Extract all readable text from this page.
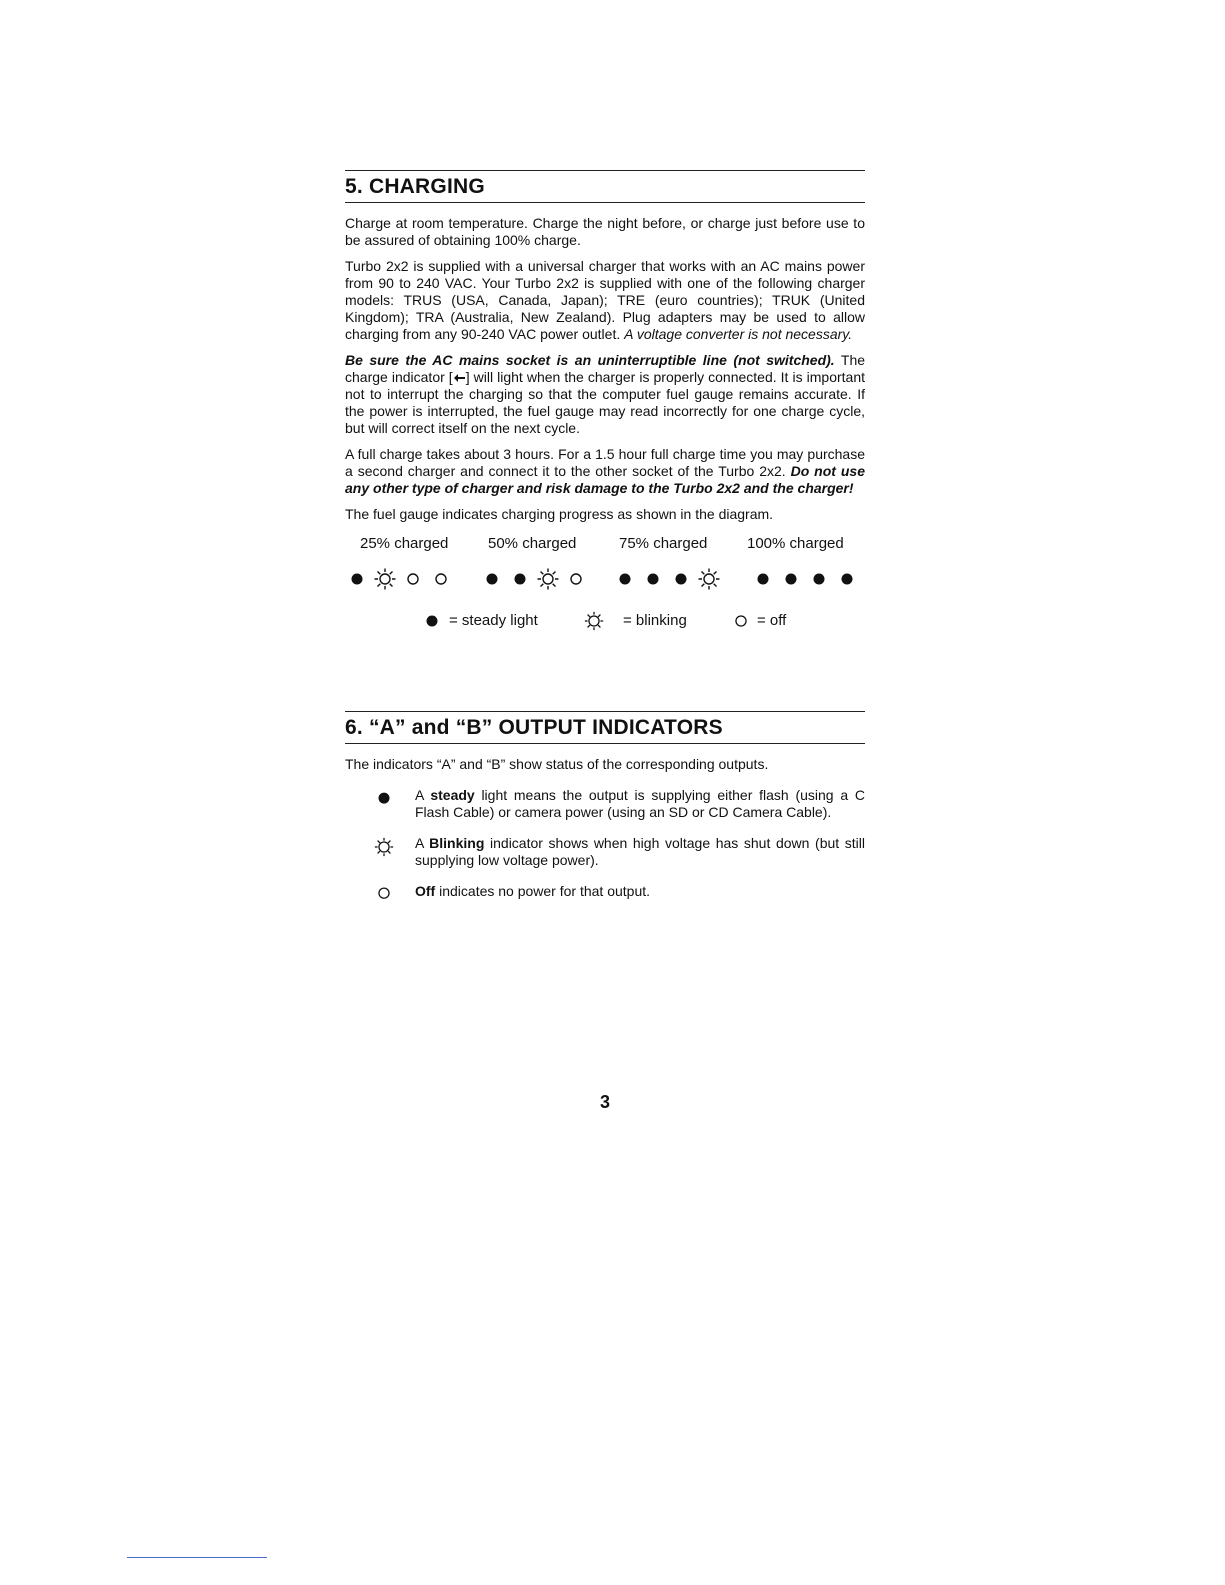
5. CHARGING

Charge at room temperature. Charge the night before, or charge just before use to be assured of obtaining 100% charge.

Turbo 2x2 is supplied with a universal charger that works with an AC mains power from 90 to 240 VAC. Your Turbo 2x2 is supplied with one of the following charger models: TRUS (USA, Canada, Japan); TRE (euro countries); TRUK (United Kingdom); TRA (Australia, New Zealand). Plug adapters may be used to allow charging from any 90-240 VAC power outlet. A voltage converter is not necessary.

Be sure the AC mains socket is an uninterruptible line (not switched). The charge indicator [ ] will light when the charger is properly connected. It is important not to interrupt the charging so that the computer fuel gauge remains accurate. If the power is interrupted, the fuel gauge may read incorrectly for one charge cycle, but will correct itself on the next cycle.

A full charge takes about 3 hours. For a 1.5 hour full charge time you may purchase a second charger and connect it to the other socket of the Turbo 2x2. Do not use any other type of charger and risk damage to the Turbo 2x2 and the charger!

The fuel gauge indicates charging progress as shown in the diagram.

25% charged	50% charged	75% charged	100% charged
= steady light	= blinking	= off
6. “A” and “B” OUTPUT INDICATORS

The indicators “A” and “B” show status of the corresponding outputs.

A steady light means the output is supplying either flash (using a C Flash Cable) or camera power (using an SD or CD Camera Cable).
A Blinking indicator shows when high voltage has shut down (but still supplying low voltage power).
Off indicates no power for that output.
3
